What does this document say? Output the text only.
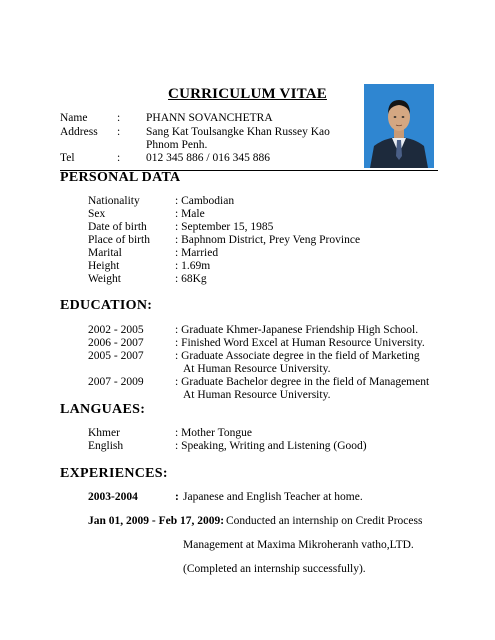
CURRICULUM VITAE
Name	: PHANN SOVANCHETRA
Address : Sang Kat Toulsangke Khan Russey Kao
Phnom Penh.
Tel	: 012 345 886 / 016 345 886
PERSONAL DATA
Nationality	: Cambodian
Sex	: Male
Date of birth : September 15, 1985
Place of birth : Baphnom District, Prey Veng Province
Marital	: Married
Height	: 1.69m
Weight	: 68Kg
EDUCATION:
2002 - 2005	: Graduate Khmer-Japanese Friendship High School.
2006 - 2007	: Finished Word Excel at Human Resource University.
2005 - 2007	: Graduate Associate degree in the field of Marketing
At Human Resource University.
2007 - 2009	: Graduate Bachelor degree in the field of Management
At Human Resource University.
LANGUAES:
Khmer	: Mother Tongue
English	: Speaking, Writing and Listening (Good)
EXPERIENCES:
2003-2004	: Japanese and English Teacher at home.
Jan 01, 2009 - Feb 17, 2009: Conducted an internship on Credit Process
Management at Maxima Mikroheranh vatho,LTD.
(Completed an internship successfully).
